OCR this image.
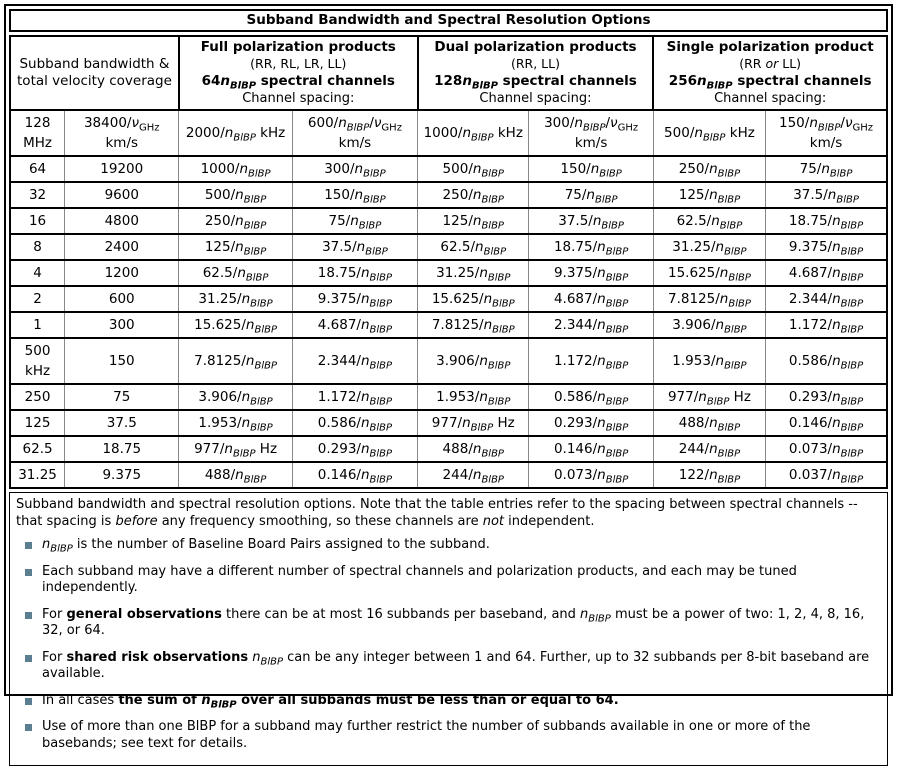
Subband Bandwidth and Spectral Resolution Options
Subband bandwidth & total velocity coverage	
Full polarization products
(RR, RL, LR, LL)
$64n_{BlBP}$ spectral channels
Channel spacing:

Dual polarization products
(RR, LL)
$128n_{BlBP}$ spectral channels
Channel spacing:

Single polarization product
(RR or LL)
$256n_{BlBP}$ spectral channels
Channel spacing:

128 MHz	$38400/\nu_{GHz}$ km/s	$2000/n_{BlBP}$ kHz	$600/n_{BlBP}/\nu_{GHz}$ km/s	$1000/n_{BlBP}$ kHz	$300/n_{BlBP}/\nu_{GHz}$ km/s	$500/n_{BlBP}$ kHz	$150/n_{BlBP}/\nu_{GHz}$ km/s
64	19200	$1000/n_{BlBP}$	$300/n_{BlBP}$	$500/n_{BlBP}$	$150/n_{BlBP}$	$250/n_{BlBP}$	$75/n_{BlBP}$
32	9600	$500/n_{BlBP}$	$150/n_{BlBP}$	$250/n_{BlBP}$	$75/n_{BlBP}$	$125/n_{BlBP}$	$37.5/n_{BlBP}$
16	4800	$250/n_{BlBP}$	$75/n_{BlBP}$	$125/n_{BlBP}$	$37.5/n_{BlBP}$	$62.5/n_{BlBP}$	$18.75/n_{BlBP}$
8	2400	$125/n_{BlBP}$	$37.5/n_{BlBP}$	$62.5/n_{BlBP}$	$18.75/n_{BlBP}$	$31.25/n_{BlBP}$	$9.375/n_{BlBP}$
4	1200	$62.5/n_{BlBP}$	$18.75/n_{BlBP}$	$31.25/n_{BlBP}$	$9.375/n_{BlBP}$	$15.625/n_{BlBP}$	$4.687/n_{BlBP}$
2	600	$31.25/n_{BlBP}$	$9.375/n_{BlBP}$	$15.625/n_{BlBP}$	$4.687/n_{BlBP}$	$7.8125/n_{BlBP}$	$2.344/n_{BlBP}$
1	300	$15.625/n_{BlBP}$	$4.687/n_{BlBP}$	$7.8125/n_{BlBP}$	$2.344/n_{BlBP}$	$3.906/n_{BlBP}$	$1.172/n_{BlBP}$
500 kHz	150	$7.8125/n_{BlBP}$	$2.344/n_{BlBP}$	$3.906/n_{BlBP}$	$1.172/n_{BlBP}$	$1.953/n_{BlBP}$	$0.586/n_{BlBP}$
250	75	$3.906/n_{BlBP}$	$1.172/n_{BlBP}$	$1.953/n_{BlBP}$	$0.586/n_{BlBP}$	$977/n_{BlBP}$ Hz	$0.293/n_{BlBP}$
125	37.5	$1.953/n_{BlBP}$	$0.586/n_{BlBP}$	$977/n_{BlBP}$ Hz	$0.293/n_{BlBP}$	$488/n_{BlBP}$	$0.146/n_{BlBP}$
62.5	18.75	$977/n_{BlBP}$ Hz	$0.293/n_{BlBP}$	$488/n_{BlBP}$	$0.146/n_{BlBP}$	$244/n_{BlBP}$	$0.073/n_{BlBP}$
31.25	9.375	$488/n_{BlBP}$	$0.146/n_{BlBP}$	$244/n_{BlBP}$	$0.073/n_{BlBP}$	$122/n_{BlBP}$	$0.037/n_{BlBP}$
Subband bandwidth and spectral resolution options. Note that the table entries refer to the spacing between spectral channels -- that spacing is before any frequency smoothing, so these channels are not independent.
$n_{BlBP}$ is the number of Baseline Board Pairs assigned to the subband.
Each subband may have a different number of spectral channels and polarization products, and each may be tuned independently.
For general observations there can be at most 16 subbands per baseband, and $n_{BlBP}$ must be a power of two: 1, 2, 4, 8, 16, 32, or 64.
For shared risk observations $n_{BlBP}$ can be any integer between 1 and 64. Further, up to 32 subbands per 8-bit baseband are available.
In all cases the sum of $n_{BlBP}$ over all subbands must be less than or equal to 64.
Use of more than one BlBP for a subband may further restrict the number of subbands available in one or more of the basebands; see text for details.
